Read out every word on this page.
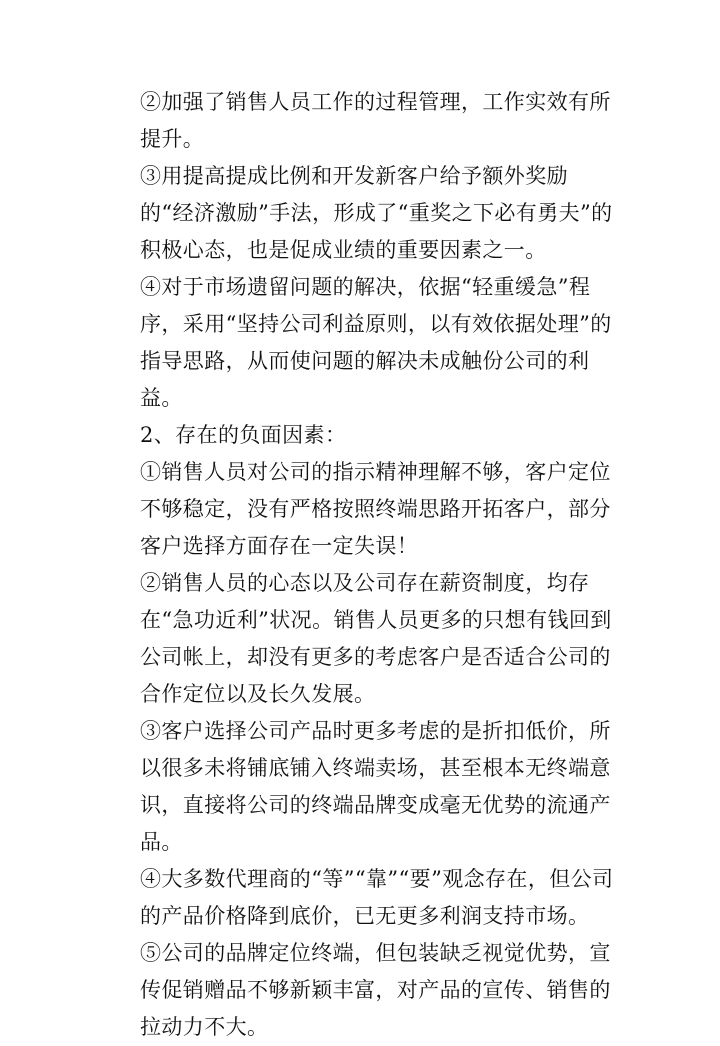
②加强了销售人员工作的过程管理，工作实效有所提升。

③用提高提成比例和开发新客户给予额外奖励的“经济激励”手法，形成了“重奖之下必有勇夫”的积极心态，也是促成业绩的重要因素之一。

④对于市场遗留问题的解决，依据“轻重缓急”程序，采用“坚持公司利益原则，以有效依据处理”的指导思路，从而使问题的解决未成触份公司的利益。

2、存在的负面因素：

①销售人员对公司的指示精神理解不够，客户定位不够稳定，没有严格按照终端思路开拓客户，部分客户选择方面存在一定失误！

②销售人员的心态以及公司存在薪资制度，均存在“急功近利”状况。销售人员更多的只想有钱回到公司帐上，却没有更多的考虑客户是否适合公司的合作定位以及长久发展。

③客户选择公司产品时更多考虑的是折扣低价，所以很多未将铺底铺入终端卖场，甚至根本无终端意识，直接将公司的终端品牌变成毫无优势的流通产品。

④大多数代理商的“等”“靠”“要”观念存在，但公司的产品价格降到底价，已无更多利润支持市场。

⑤公司的品牌定位终端，但包装缺乏视觉优势，宣传促销赠品不够新颖丰富，对产品的宣传、销售的拉动力不大。
